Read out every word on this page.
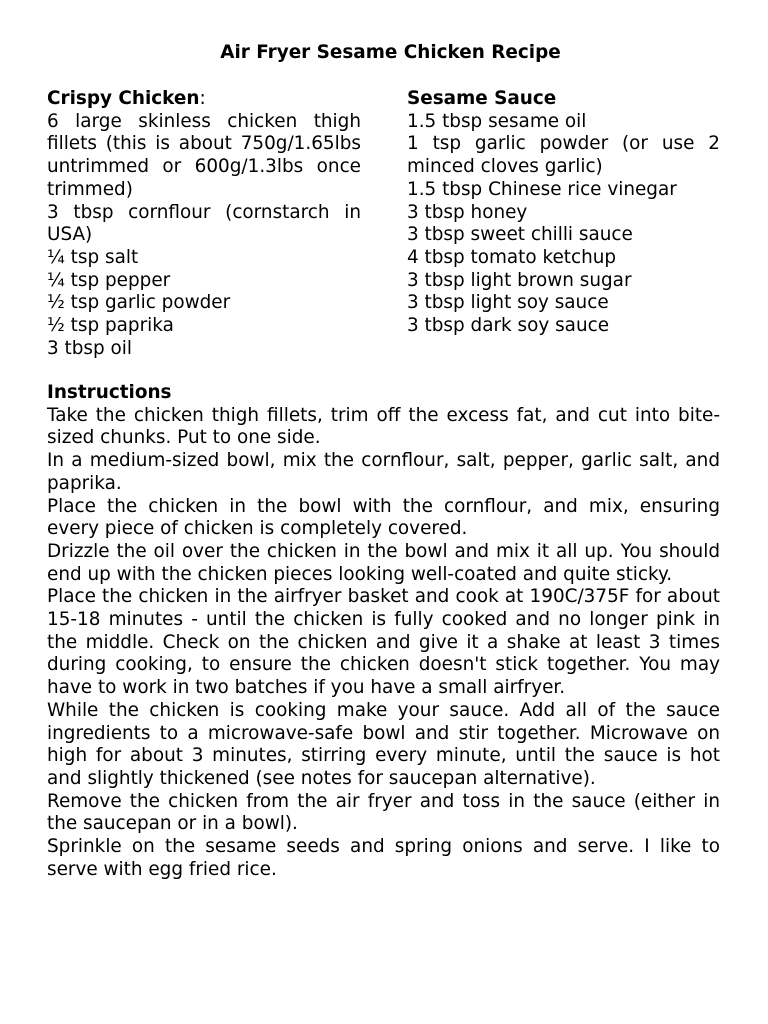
Air Fryer Sesame Chicken Recipe
Crispy Chicken:

6 large skinless chicken thigh fillets (this is about 750g/1.65lbs untrimmed or 600g/1.3lbs once trimmed)

3 tbsp cornflour (cornstarch in USA)

¼ tsp salt

¼ tsp pepper

½ tsp garlic powder

½ tsp paprika

3 tbsp oil

Sesame Sauce

1.5 tbsp sesame oil

1 tsp garlic powder (or use 2 minced cloves garlic)

1.5 tbsp Chinese rice vinegar

3 tbsp honey

3 tbsp sweet chilli sauce

4 tbsp tomato ketchup

3 tbsp light brown sugar

3 tbsp light soy sauce

3 tbsp dark soy sauce

Instructions

Take the chicken thigh fillets, trim off the excess fat, and cut into bite-sized chunks. Put to one side.

In a medium-sized bowl, mix the cornflour, salt, pepper, garlic salt, and paprika.

Place the chicken in the bowl with the cornflour, and mix, ensuring every piece of chicken is completely covered.

Drizzle the oil over the chicken in the bowl and mix it all up. You should end up with the chicken pieces looking well-coated and quite sticky.

Place the chicken in the airfryer basket and cook at 190C/375F for about 15-18 minutes - until the chicken is fully cooked and no longer pink in the middle. Check on the chicken and give it a shake at least 3 times during cooking, to ensure the chicken doesn't stick together. You may have to work in two batches if you have a small airfryer.

While the chicken is cooking make your sauce. Add all of the sauce ingredients to a microwave-safe bowl and stir together. Microwave on high for about 3 minutes, stirring every minute, until the sauce is hot and slightly thickened (see notes for saucepan alternative).

Remove the chicken from the air fryer and toss in the sauce (either in the saucepan or in a bowl).

Sprinkle on the sesame seeds and spring onions and serve. I like to serve with egg fried rice.
